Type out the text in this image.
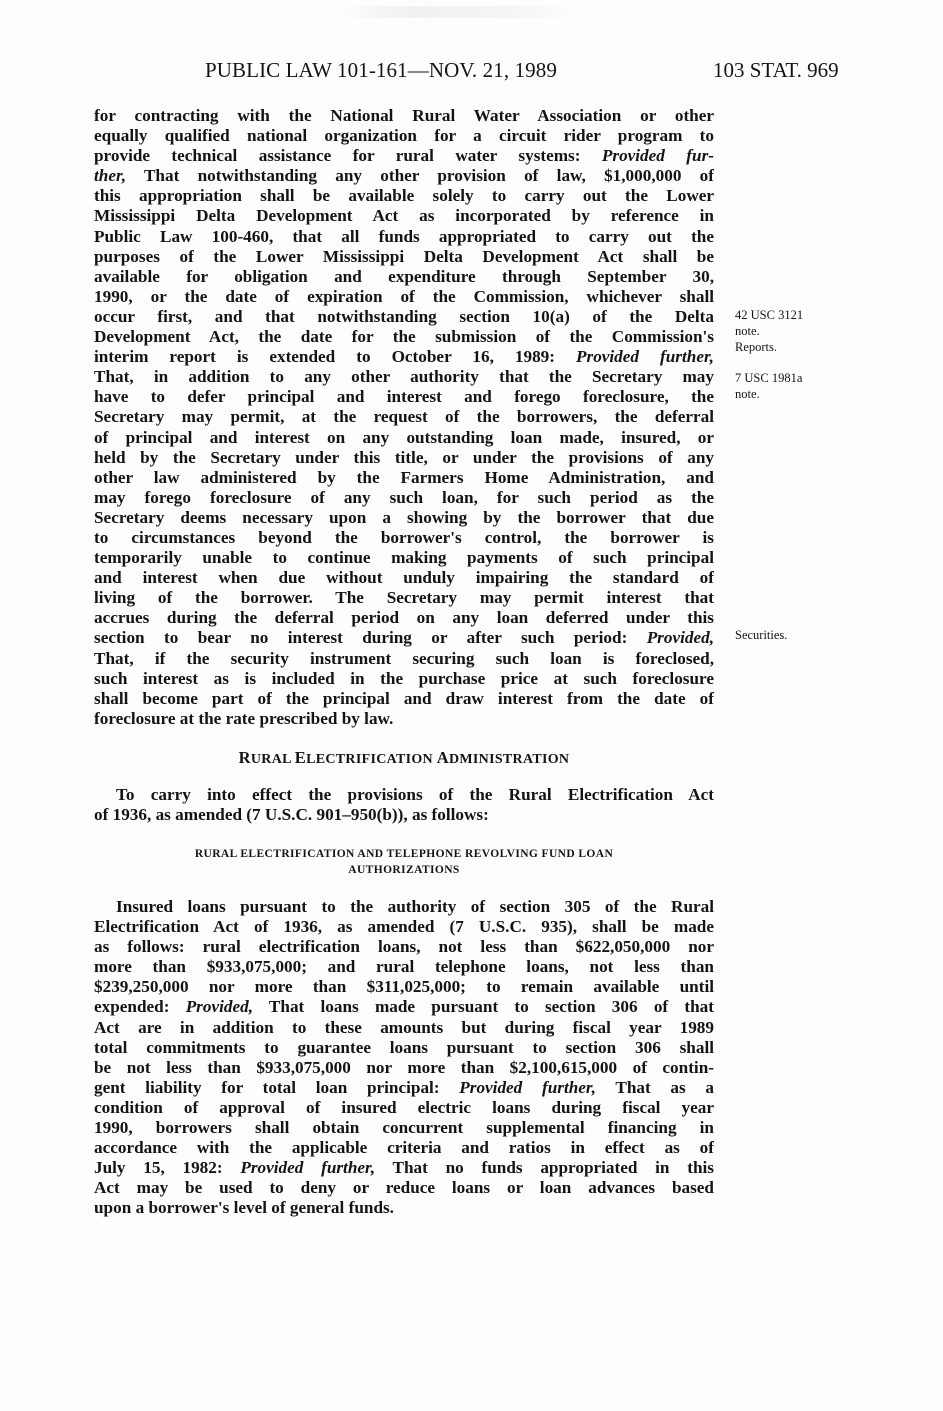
PUBLIC LAW 101-161—NOV. 21, 1989	103 STAT. 969
for contracting with the National Rural Water Association or other
equally qualified national organization for a circuit rider program to
provide technical assistance for rural water systems: Provided fur-
ther, That notwithstanding any other provision of law, $1,000,000 of
this appropriation shall be available solely to carry out the Lower
Mississippi Delta Development Act as incorporated by reference in
Public Law 100-460, that all funds appropriated to carry out the
purposes of the Lower Mississippi Delta Development Act shall be
available for obligation and expenditure through September 30,
1990, or the date of expiration of the Commission, whichever shall
occur first, and that notwithstanding section 10(a) of the Delta
Development Act, the date for the submission of the Commission's
interim report is extended to October 16, 1989: Provided further,
That, in addition to any other authority that the Secretary may
have to defer principal and interest and forego foreclosure, the
Secretary may permit, at the request of the borrowers, the deferral
of principal and interest on any outstanding loan made, insured, or
held by the Secretary under this title, or under the provisions of any
other law administered by the Farmers Home Administration, and
may forego foreclosure of any such loan, for such period as the
Secretary deems necessary upon a showing by the borrower that due
to circumstances beyond the borrower's control, the borrower is
temporarily unable to continue making payments of such principal
and interest when due without unduly impairing the standard of
living of the borrower. The Secretary may permit interest that
accrues during the deferral period on any loan deferred under this
section to bear no interest during or after such period: Provided,
That, if the security instrument securing such loan is foreclosed,
such interest as is included in the purchase price at such foreclosure
shall become part of the principal and draw interest from the date of
foreclosure at the rate prescribed by law.
42 USC 3121
note.
Reports.
7 USC 1981a
note.
Securities.
RURAL ELECTRIFICATION ADMINISTRATION
To carry into effect the provisions of the Rural Electrification Act
of 1936, as amended (7 U.S.C. 901–950(b)), as follows:
RURAL ELECTRIFICATION AND TELEPHONE REVOLVING FUND LOAN
AUTHORIZATIONS
Insured loans pursuant to the authority of section 305 of the Rural
Electrification Act of 1936, as amended (7 U.S.C. 935), shall be made
as follows: rural electrification loans, not less than $622,050,000 nor
more than $933,075,000; and rural telephone loans, not less than
$239,250,000 nor more than $311,025,000; to remain available until
expended: Provided, That loans made pursuant to section 306 of that
Act are in addition to these amounts but during fiscal year 1989
total commitments to guarantee loans pursuant to section 306 shall
be not less than $933,075,000 nor more than $2,100,615,000 of contin-
gent liability for total loan principal: Provided further, That as a
condition of approval of insured electric loans during fiscal year
1990, borrowers shall obtain concurrent supplemental financing in
accordance with the applicable criteria and ratios in effect as of
July 15, 1982: Provided further, That no funds appropriated in this
Act may be used to deny or reduce loans or loan advances based
upon a borrower's level of general funds.
